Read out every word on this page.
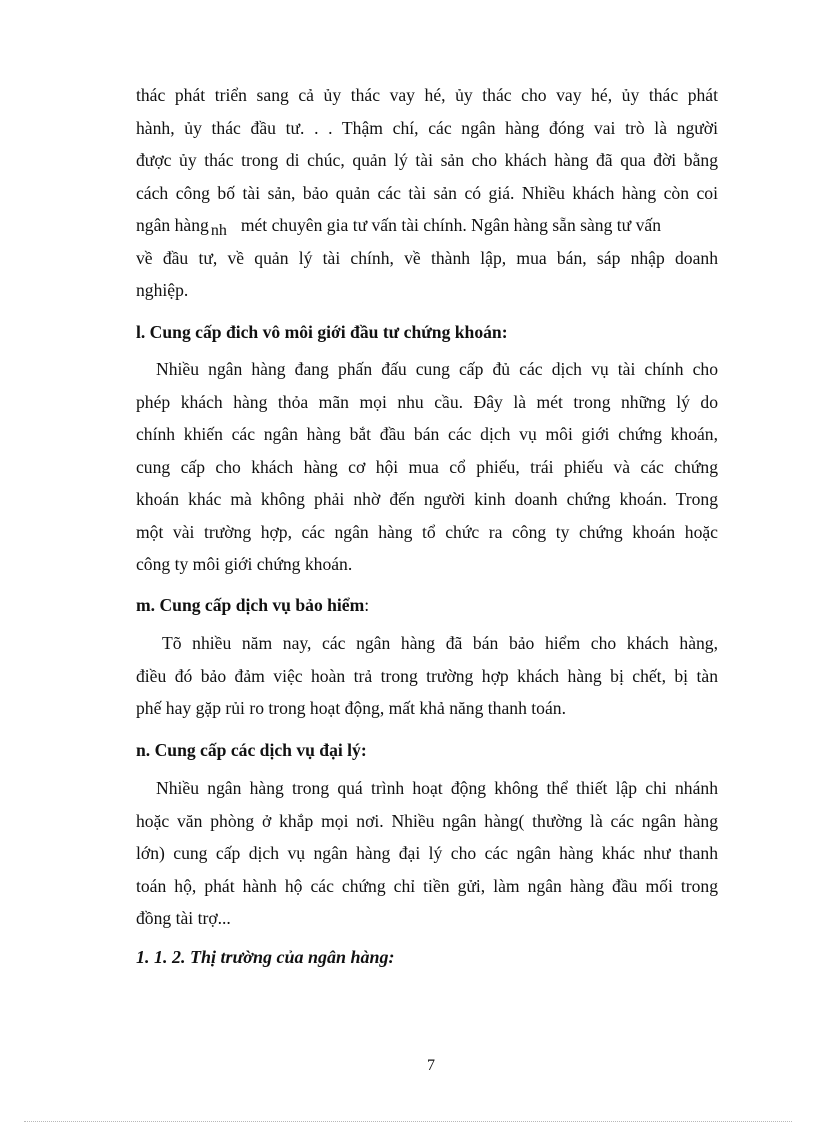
thác phát triển sang cả ủy thác vay hé, ủy thác cho vay hé, ủy thác phát
hành, ủy thác đầu tư. . . Thậm chí, các ngân hàng đóng vai trò là người
được ủy thác trong di chúc, quản lý tài sản cho khách hàng đã qua đời bằng
cách công bố tài sản, bảo quản các tài sản có giá. Nhiều khách hàng còn coi
ngân hàng nh mét chuyên gia tư vấn tài chính. Ngân hàng sẵn sàng tư vấn
về đầu tư, về quản lý tài chính, về thành lập, mua bán, sáp nhập doanh
nghiệp.
l. Cung cấp đich vô môi giới đầu tư chứng khoán:
Nhiều ngân hàng đang phấn đấu cung cấp đủ các dịch vụ tài chính cho
phép khách hàng thỏa mãn mọi nhu cầu. Đây là mét trong những lý do
chính khiến các ngân hàng bắt đầu bán các dịch vụ môi giới chứng khoán,
cung cấp cho khách hàng cơ hội mua cổ phiếu, trái phiếu và các chứng
khoán khác mà không phải nhờ đến người kinh doanh chứng khoán. Trong
một vài trường hợp, các ngân hàng tổ chức ra công ty chứng khoán hoặc
công ty môi giới chứng khoán.
m. Cung cấp dịch vụ bảo hiểm:
Tõ nhiều năm nay, các ngân hàng đã bán bảo hiểm cho khách hàng,
điều đó bảo đảm việc hoàn trả trong trường hợp khách hàng bị chết, bị tàn
phế hay gặp rủi ro trong hoạt động, mất khả năng thanh toán.
n. Cung cấp các dịch vụ đại lý:
Nhiều ngân hàng trong quá trình hoạt động không thể thiết lập chi nhánh
hoặc văn phòng ở khắp mọi nơi. Nhiều ngân hàng( thường là các ngân hàng
lớn) cung cấp dịch vụ ngân hàng đại lý cho các ngân hàng khác như thanh
toán hộ, phát hành hộ các chứng chỉ tiền gửi, làm ngân hàng đầu mối trong
đồng tài trợ...
1. 1. 2. Thị trường của ngân hàng:
7
